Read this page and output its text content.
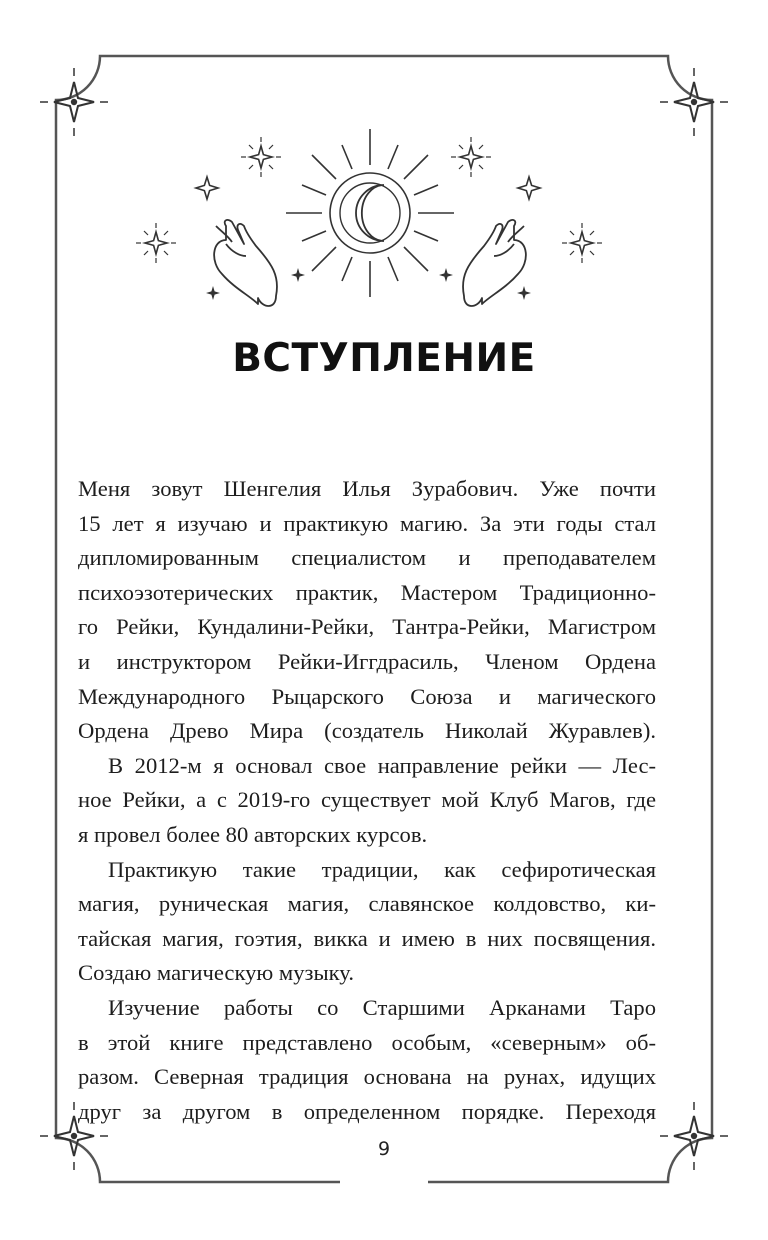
ВСТУПЛЕНИЕ

Меня зовут Шенгелия Илья Зурабович. Уже почти
15 лет я изучаю и практикую магию. За эти годы стал
дипломированным специалистом и преподавателем
психоэзотерических практик, Мастером Традиционно-
го Рейки, Кундалини-Рейки, Тантра-Рейки, Магистром
и инструктором Рейки-Иггдрасиль, Членом Ордена
Международного Рыцарского Союза и магического
Ордена Древо Мира (создатель Николай Журавлев).

В 2012-м я основал свое направление рейки — Лес-
ное Рейки, а с 2019-го существует мой Клуб Магов, где
я провел более 80 авторских курсов.

Практикую такие традиции, как сефиротическая
магия, руническая магия, славянское колдовство, ки-
тайская магия, гоэтия, викка и имею в них посвящения.
Создаю магическую музыку.

Изучение работы со Старшими Арканами Таро
в этой книге представлено особым, «северным» об-
разом. Северная традиция основана на рунах, идущих
друг за другом в определенном порядке. Переходя

9
